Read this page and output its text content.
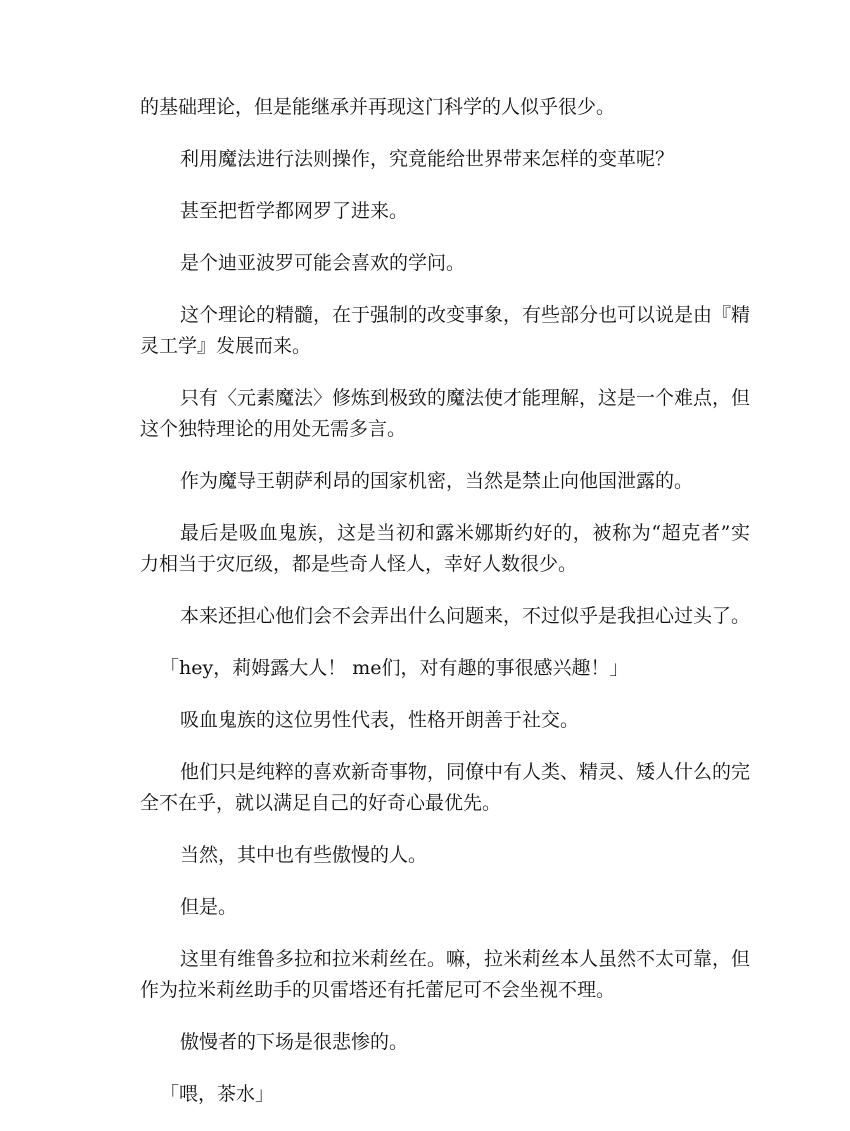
的基础理论，但是能继承并再现这门科学的人似乎很少。

利用魔法进行法则操作，究竟能给世界带来怎样的变革呢？

甚至把哲学都网罗了进来。

是个迪亚波罗可能会喜欢的学问。

这个理论的精髓，在于强制的改变事象，有些部分也可以说是由『精灵工学』发展而来。

只有〈元素魔法〉修炼到极致的魔法使才能理解，这是一个难点，但这个独特理论的用处无需多言。

作为魔导王朝萨利昂的国家机密，当然是禁止向他国泄露的。

最后是吸血鬼族，这是当初和露米娜斯约好的，被称为“超克者”实力相当于灾厄级，都是些奇人怪人，幸好人数很少。

本来还担心他们会不会弄出什么问题来，不过似乎是我担心过头了。

「hey，莉姆露大人！ me们，对有趣的事很感兴趣！」

吸血鬼族的这位男性代表，性格开朗善于社交。

他们只是纯粹的喜欢新奇事物，同僚中有人类、精灵、矮人什么的完全不在乎，就以满足自己的好奇心最优先。

当然，其中也有些傲慢的人。

但是。

这里有维鲁多拉和拉米莉丝在。嘛，拉米莉丝本人虽然不太可靠，但作为拉米莉丝助手的贝雷塔还有托蕾尼可不会坐视不理。

傲慢者的下场是很悲惨的。

「喂，茶水」
